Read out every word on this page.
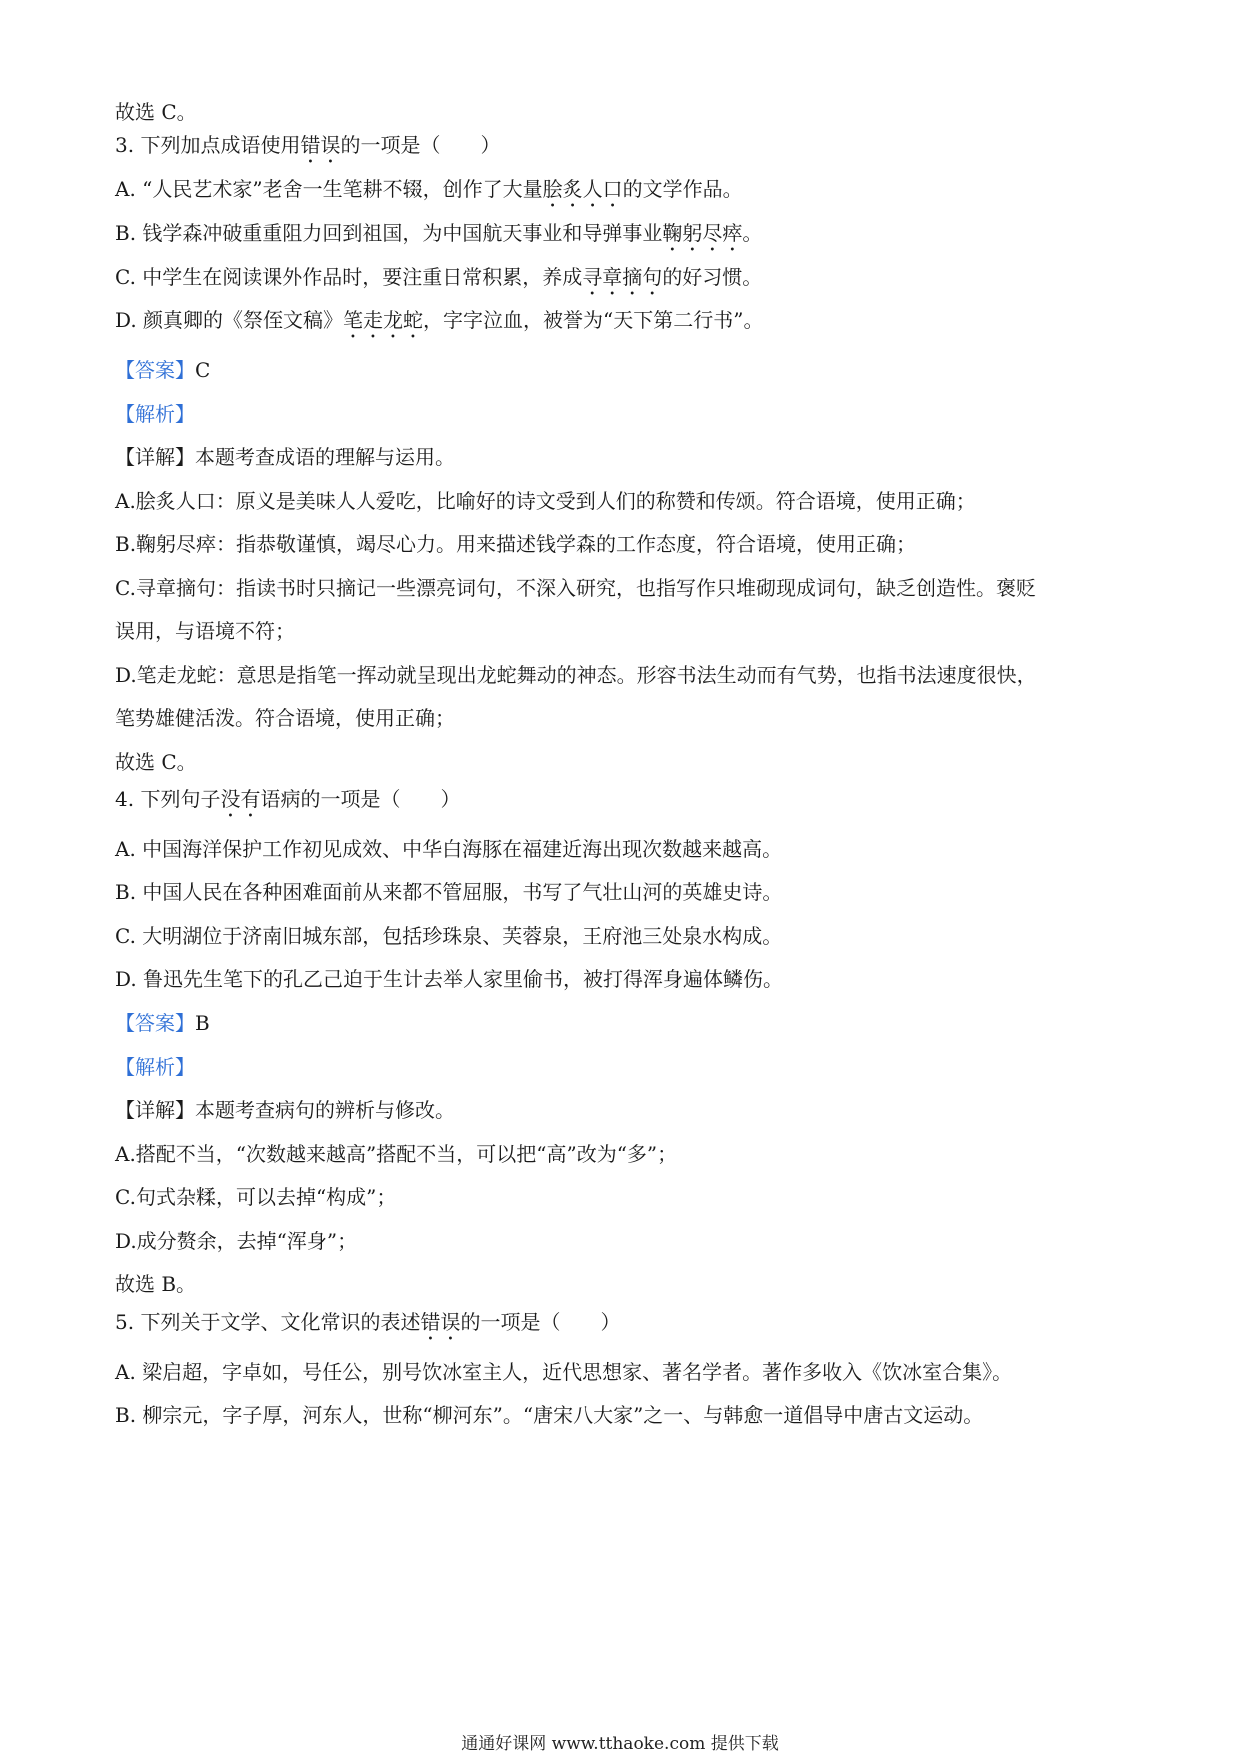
故选 C。
3. 下列加点成语使用错误的一项是（　　）
A. “人民艺术家”老舍一生笔耕不辍，创作了大量脍炙人口的文学作品。
B. 钱学森冲破重重阻力回到祖国，为中国航天事业和导弹事业鞠躬尽瘁。
C. 中学生在阅读课外作品时，要注重日常积累，养成寻章摘句的好习惯。
D. 颜真卿的《祭侄文稿》笔走龙蛇，字字泣血，被誉为“天下第二行书”。
【答案】C
【解析】
【详解】本题考查成语的理解与运用。
A.脍炙人口：原义是美味人人爱吃，比喻好的诗文受到人们的称赞和传颂。符合语境，使用正确；
B.鞠躬尽瘁：指恭敬谨慎，竭尽心力。用来描述钱学森的工作态度，符合语境，使用正确；
C.寻章摘句：指读书时只摘记一些漂亮词句，不深入研究，也指写作只堆砌现成词句，缺乏创造性。褒贬
误用，与语境不符；
D.笔走龙蛇：意思是指笔一挥动就呈现出龙蛇舞动的神态。形容书法生动而有气势，也指书法速度很快，
笔势雄健活泼。符合语境，使用正确；
故选 C。
4. 下列句子没有语病的一项是（　　）
A. 中国海洋保护工作初见成效、中华白海豚在福建近海出现次数越来越高。
B. 中国人民在各种困难面前从来都不管屈服，书写了气壮山河的英雄史诗。
C. 大明湖位于济南旧城东部，包括珍珠泉、芙蓉泉，王府池三处泉水构成。
D. 鲁迅先生笔下的孔乙己迫于生计去举人家里偷书，被打得浑身遍体鳞伤。
【答案】B
【解析】
【详解】本题考查病句的辨析与修改。
A.搭配不当，“次数越来越高”搭配不当，可以把“高”改为“多”；
C.句式杂糅，可以去掉“构成”；
D.成分赘余，去掉“浑身”；
故选 B。
5. 下列关于文学、文化常识的表述错误的一项是（　　）
A. 梁启超，字卓如，号任公，别号饮冰室主人，近代思想家、著名学者。著作多收入《饮冰室合集》。
B. 柳宗元，字子厚，河东人，世称“柳河东”。“唐宋八大家”之一、与韩愈一道倡导中唐古文运动。
通通好课网 www.tthaoke.com 提供下载
